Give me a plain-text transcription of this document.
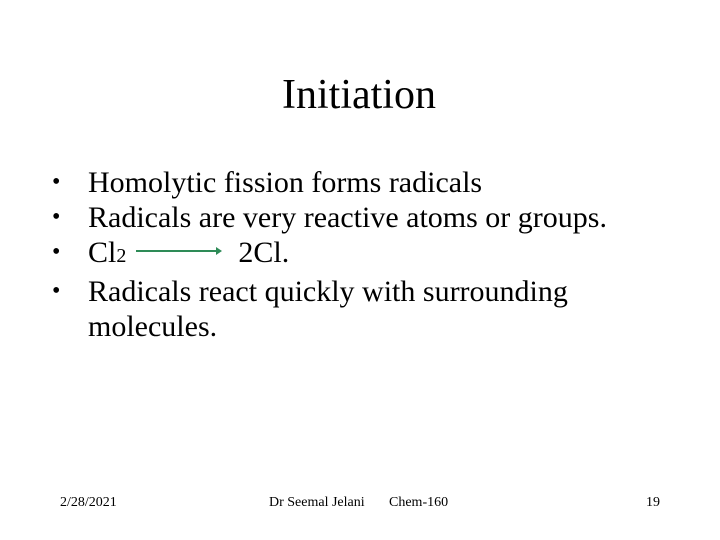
Initiation
• Homolytic fission forms radicals
• Radicals are very reactive atoms or groups.
• Cl2 → 2Cl.
• Radicals react quickly with surrounding molecules.
2/28/2021	Dr Seemal Jelani Chem-160	19
